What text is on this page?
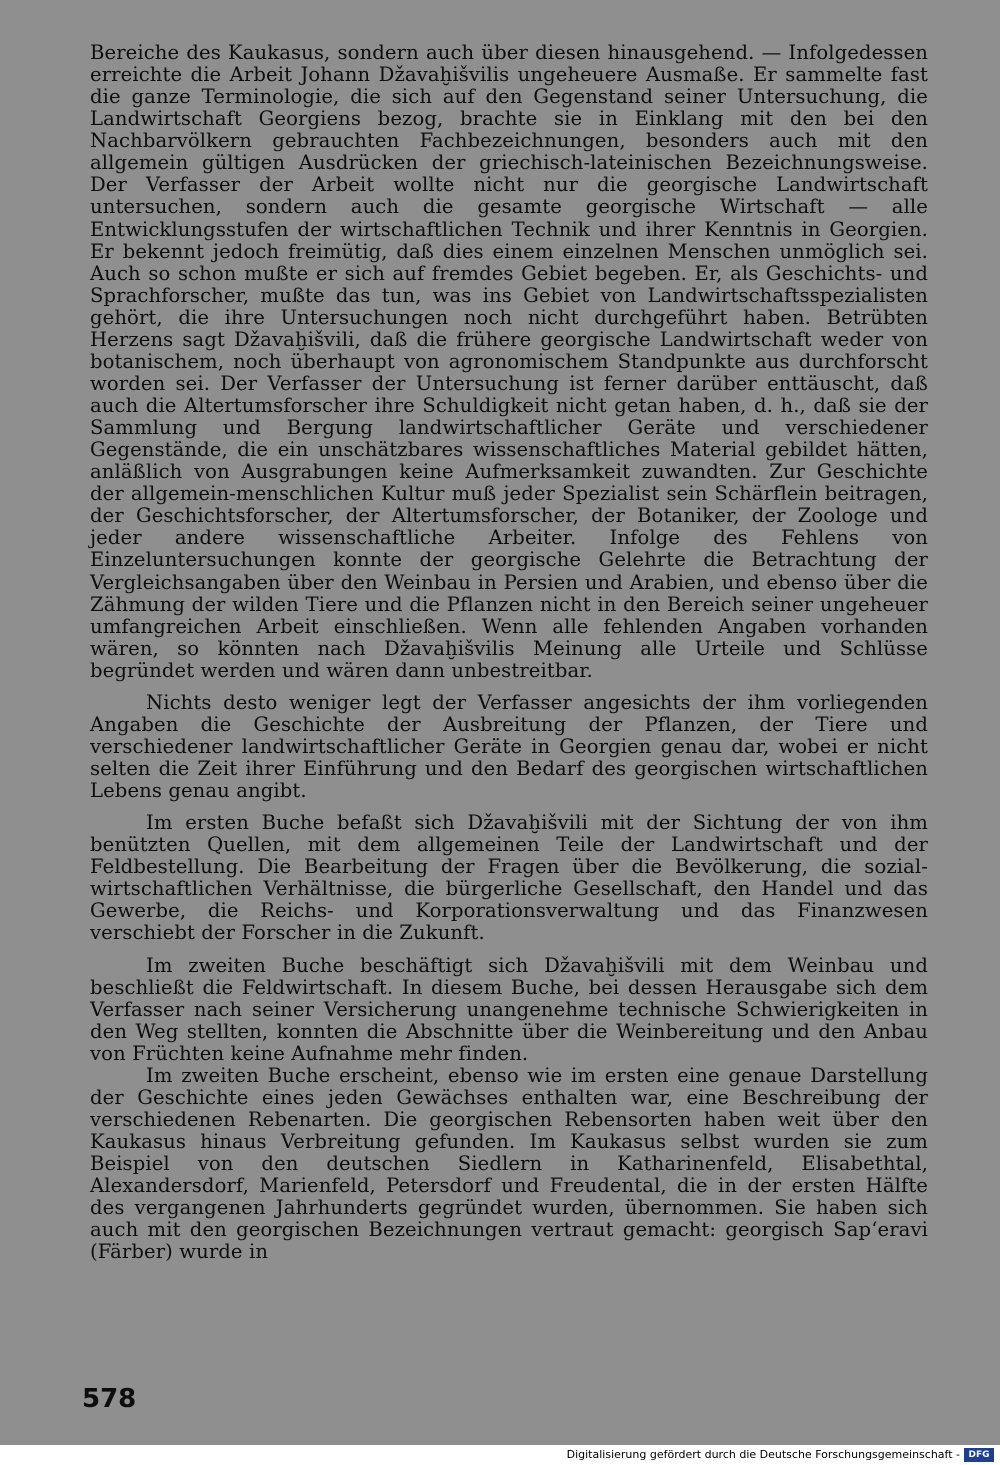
Bereiche des Kaukasus, sondern auch über diesen hinausgehend. — Infolgedessen erreichte die Arbeit Johann Džavaḫišvilis ungeheuere Ausmaße. Er sammelte fast die ganze Terminologie, die sich auf den Gegenstand seiner Untersuchung, die Landwirtschaft Georgiens bezog, brachte sie in Einklang mit den bei den Nachbarvölkern gebrauchten Fachbezeichnungen, besonders auch mit den allgemein gültigen Ausdrücken der griechisch-lateinischen Bezeichnungsweise. Der Verfasser der Arbeit wollte nicht nur die georgische Landwirtschaft untersuchen, sondern auch die gesamte georgische Wirtschaft — alle Entwicklungsstufen der wirtschaftlichen Technik und ihrer Kenntnis in Georgien. Er bekennt jedoch freimütig, daß dies einem einzelnen Menschen unmöglich sei. Auch so schon mußte er sich auf fremdes Gebiet begeben. Er, als Geschichts- und Sprachforscher, mußte das tun, was ins Gebiet von Landwirtschaftsspezialisten gehört, die ihre Untersuchungen noch nicht durchgeführt haben. Betrübten Herzens sagt Džavaḫišvili, daß die frühere georgische Landwirtschaft weder von botanischem, noch überhaupt von agronomischem Standpunkte aus durchforscht worden sei. Der Verfasser der Untersuchung ist ferner darüber enttäuscht, daß auch die Altertumsforscher ihre Schuldigkeit nicht getan haben, d. h., daß sie der Sammlung und Bergung landwirtschaftlicher Geräte und verschiedener Gegenstände, die ein unschätzbares wissenschaftliches Material gebildet hätten, anläßlich von Ausgrabungen keine Aufmerksamkeit zuwandten. Zur Geschichte der allgemein-menschlichen Kultur muß jeder Spezialist sein Schärflein beitragen, der Geschichtsforscher, der Altertumsforscher, der Botaniker, der Zoologe und jeder andere wissenschaftliche Arbeiter. Infolge des Fehlens von Einzeluntersuchungen konnte der georgische Gelehrte die Betrachtung der Vergleichsangaben über den Weinbau in Persien und Arabien, und ebenso über die Zähmung der wilden Tiere und die Pflanzen nicht in den Bereich seiner ungeheuer umfangreichen Arbeit einschließen. Wenn alle fehlenden Angaben vorhanden wären, so könnten nach Džavaḫišvilis Meinung alle Urteile und Schlüsse begründet werden und wären dann unbestreitbar.

Nichts desto weniger legt der Verfasser angesichts der ihm vorliegenden Angaben die Geschichte der Ausbreitung der Pflanzen, der Tiere und verschiedener landwirtschaftlicher Geräte in Georgien genau dar, wobei er nicht selten die Zeit ihrer Einführung und den Bedarf des georgischen wirtschaftlichen Lebens genau angibt.

Im ersten Buche befaßt sich Džavaḫišvili mit der Sichtung der von ihm benützten Quellen, mit dem allgemeinen Teile der Landwirtschaft und der Feldbestellung. Die Bearbeitung der Fragen über die Bevölkerung, die sozial-wirtschaftlichen Verhältnisse, die bürgerliche Gesellschaft, den Handel und das Gewerbe, die Reichs- und Korporationsverwaltung und das Finanzwesen verschiebt der Forscher in die Zukunft.

Im zweiten Buche beschäftigt sich Džavaḫišvili mit dem Weinbau und beschließt die Feldwirtschaft. In diesem Buche, bei dessen Herausgabe sich dem Verfasser nach seiner Versicherung unangenehme technische Schwierigkeiten in den Weg stellten, konnten die Abschnitte über die Weinbereitung und den Anbau von Früchten keine Aufnahme mehr finden.

Im zweiten Buche erscheint, ebenso wie im ersten eine genaue Darstellung der Geschichte eines jeden Gewächses enthalten war, eine Beschreibung der verschiedenen Rebenarten. Die georgischen Rebensorten haben weit über den Kaukasus hinaus Verbreitung gefunden. Im Kaukasus selbst wurden sie zum Beispiel von den deutschen Siedlern in Katharinenfeld, Elisabethtal, Alexandersdorf, Marienfeld, Petersdorf und Freudental, die in der ersten Hälfte des vergangenen Jahrhunderts gegründet wurden, übernommen. Sie haben sich auch mit den georgischen Bezeichnungen vertraut gemacht: georgisch Sapʻeravi (Färber) wurde in

578
Digitalisierung gefördert durch die Deutsche Forschungsgemeinschaft - DFG
